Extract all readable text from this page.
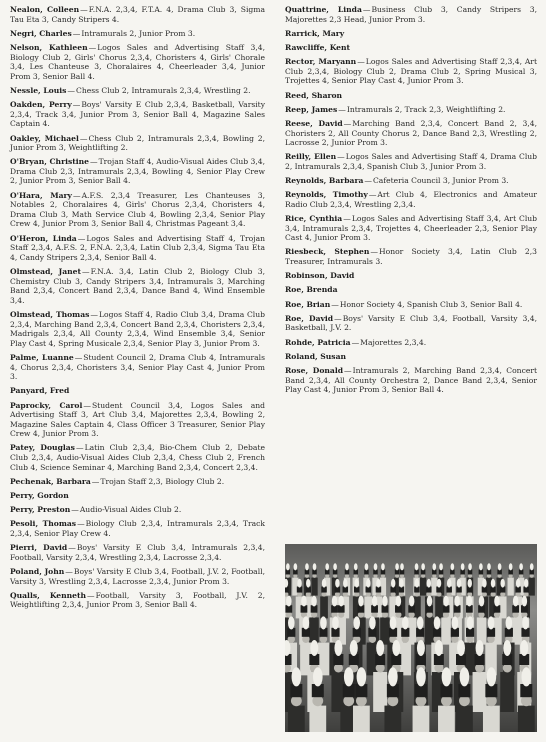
Nealon, Colleen—F.N.A. 2,3,4, F.T.A. 4, Drama Club 3, Sigma Tau Eta 3, Candy Stripers 4.
Negri, Charles—Intramurals 2, Junior Prom 3.
Nelson, Kathleen—Logos Sales and Advertising Staff 3,4, Biology Club 2, Girls' Chorus 2,3,4, Choristers 4, Girls' Chorale 3,4, Les Chanteuse 3, Choralaires 4, Cheerleader 3,4, Junior Prom 3, Senior Ball 4.
Nessle, Louis—Chess Club 2, Intramurals 2,3,4, Wrestling 2.
Oakden, Perry—Boys' Varsity E Club 2,3,4, Basketball, Varsity 2,3,4, Track 3,4, Junior Prom 3, Senior Ball 4, Magazine Sales Captain 4.
Oakley, Michael—Chess Club 2, Intramurals 2,3,4, Bowling 2, Junior Prom 3, Weightlifting 2.
O'Bryan, Christine—Trojan Staff 4, Audio-Visual Aides Club 3,4, Drama Club 2,3, Intramurals 2,3,4, Bowling 4, Senior Play Crew 2, Junior Prom 3, Senior Ball 4.
O'Hara, Mary—A.F.S. 2,3,4 Treasurer, Les Chanteuses 3, Notables 2, Choralaires 4, Girls' Chorus 2,3,4, Choristers 4, Drama Club 3, Math Service Club 4, Bowling 2,3,4, Senior Play Crew 4, Junior Prom 3, Senior Ball 4, Christmas Pageant 3,4.
O'Heron, Linda—Logos Sales and Advertising Staff 4, Trojan Staff 2,3,4, A.F.S. 2, F.N.A. 2,3,4, Latin Club 2,3,4, Sigma Tau Eta 4, Candy Stripers 2,3,4, Senior Ball 4.
Olmstead, Janet—F.N.A. 3,4, Latin Club 2, Biology Club 3, Chemistry Club 3, Candy Stripers 3,4, Intramurals 3, Marching Band 2,3,4, Concert Band 2,3,4, Dance Band 4, Wind Ensemble 3,4.
Olmstead, Thomas—Logos Staff 4, Radio Club 3,4, Drama Club 2,3,4, Marching Band 2,3,4, Concert Band 2,3,4, Choristers 2,3,4, Madrigals 2,3,4, All County 2,3,4, Wind Ensemble 3,4, Senior Play Cast 4, Spring Musicale 2,3,4, Senior Play 3, Junior Prom 3.
Palme, Luanne—Student Council 2, Drama Club 4, Intramurals 4, Chorus 2,3,4, Choristers 3,4, Senior Play Cast 4, Junior Prom 3.
Panyard, Fred
Paprocky, Carol—Student Council 3,4, Logos Sales and Advertising Staff 3, Art Club 3,4, Majorettes 2,3,4, Bowling 2, Magazine Sales Captain 4, Class Officer 3 Treasurer, Senior Play Crew 4, Junior Prom 3.
Patey, Douglas—Latin Club 2,3,4, Bio-Chem Club 2, Debate Club 2,3,4, Audio-Visual Aides Club 2,3,4, Chess Club 2, French Club 4, Science Seminar 4, Marching Band 2,3,4, Concert 2,3,4.
Pechenak, Barbara—Trojan Staff 2,3, Biology Club 2.
Perry, Gordon
Perry, Preston—Audio-Visual Aides Club 2.
Pesoli, Thomas—Biology Club 2,3,4, Intramurals 2,3,4, Track 2,3,4, Senior Play Crew 4.
Pierri, David—Boys' Varsity E Club 3,4, Intramurals 2,3,4, Football, Varsity 2,3,4, Wrestling 2,3,4, Lacrosse 2,3,4.
Poland, John—Boys' Varsity E Club 3,4, Football, J.V. 2, Football, Varsity 3, Wrestling 2,3,4, Lacrosse 2,3,4, Junior Prom 3.
Qualls, Kenneth—Football, Varsity 3, Football, J.V. 2, Weightlifting 2,3,4, Junior Prom 3, Senior Ball 4.
Quattrine, Linda—Business Club 3, Candy Stripers 3, Majorettes 2,3 Head, Junior Prom 3.
Rarrick, Mary
Rawcliffe, Kent
Rector, Maryann—Logos Sales and Advertising Staff 2,3,4, Art Club 2,3,4, Biology Club 2, Drama Club 2, Spring Musical 3, Trojettes 4, Senior Play Cast 4, Junior Prom 3.
Reed, Sharon
Reep, James—Intramurals 2, Track 2,3, Weightlifting 2.
Reese, David—Marching Band 2,3,4, Concert Band 2, 3,4, Choristers 2, All County Chorus 2, Dance Band 2,3, Wrestling 2, Lacrosse 2, Junior Prom 3.
Reilly, Ellen—Logos Sales and Advertising Staff 4, Drama Club 2, Intramurals 2,3,4, Spanish Club 3, Junior Prom 3.
Reynolds, Barbara—Cafeteria Council 3, Junior Prom 3.
Reynolds, Timothy—Art Club 4, Electronics and Amateur Radio Club 2,3,4, Wrestling 2,3,4.
Rice, Cynthia—Logos Sales and Advertising Staff 3,4, Art Club 3,4, Intramurals 2,3,4, Trojettes 4, Cheerleader 2,3, Senior Play Cast 4, Junior Prom 3.
Riesbeck, Stephen—Honor Society 3,4, Latin Club 2,3 Treasurer, Intramurals 3.
Robinson, David
Roe, Brenda
Roe, Brian—Honor Society 4, Spanish Club 3, Senior Ball 4.
Roe, David—Boys' Varsity E Club 3,4, Football, Varsity 3,4, Basketball, J.V. 2.
Rohde, Patricia—Majorettes 2,3,4.
Roland, Susan
Rose, Donald—Intramurals 2, Marching Band 2,3,4, Concert Band 2,3,4, All County Orchestra 2, Dance Band 2,3,4, Senior Play Cast 4, Junior Prom 3, Senior Ball 4.
